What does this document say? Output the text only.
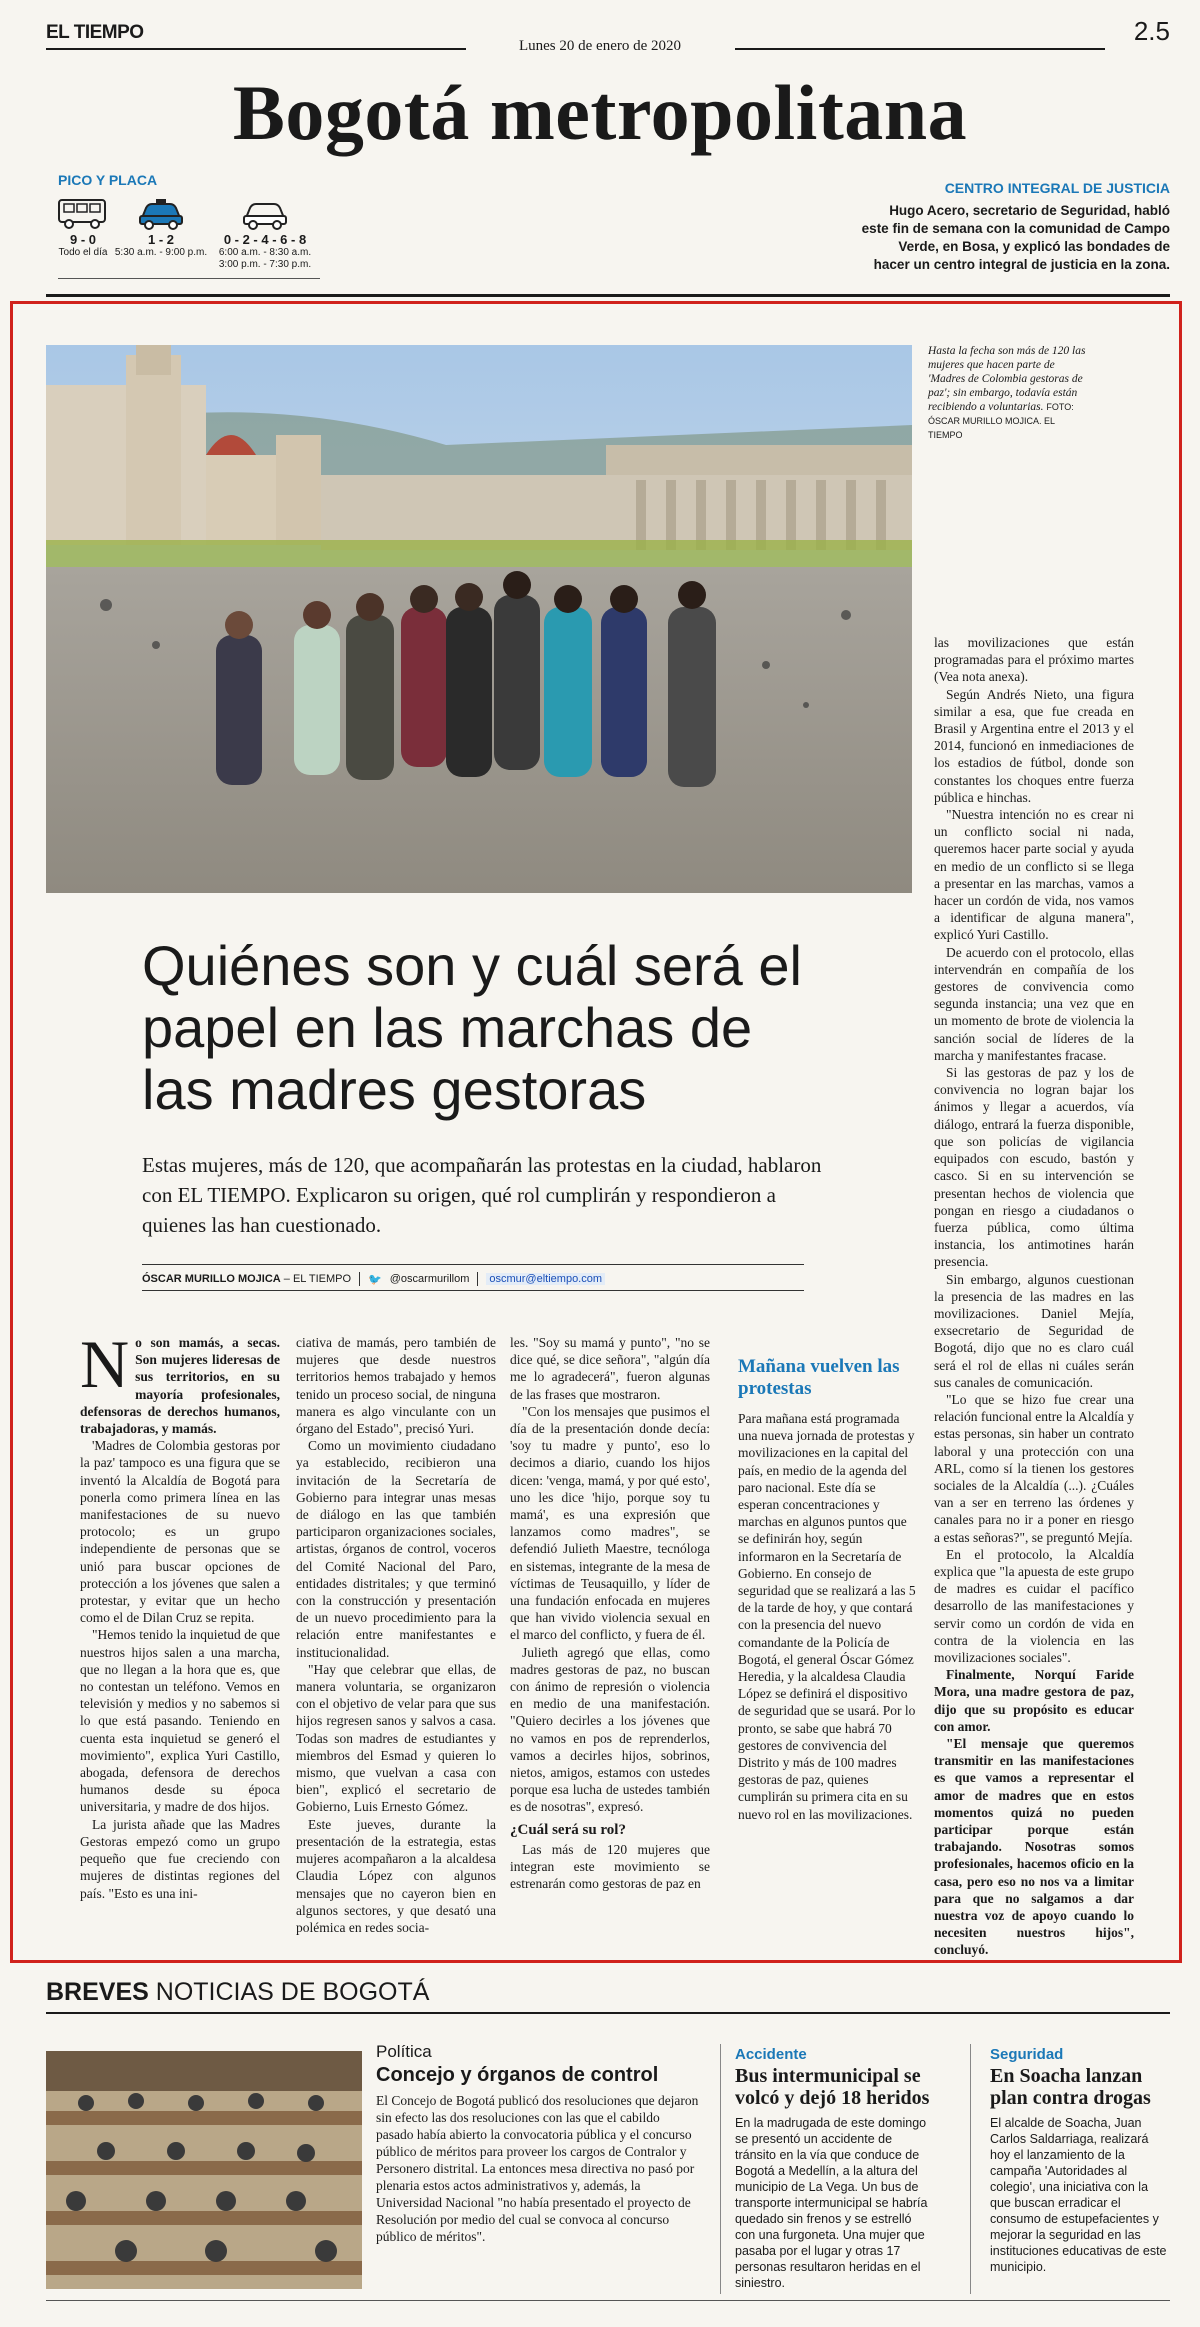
EL TIEMPO
Lunes 20 de enero de 2020	2.5
Bogotá metropolitana
PICO Y PLACA
9 - 0
Todo el día
1 - 2
5:30 a.m. - 9:00 p.m.
0 - 2 - 4 - 6 - 8
6:00 a.m. - 8:30 a.m.
3:00 p.m. - 7:30 p.m.
CENTRO INTEGRAL DE JUSTICIA
Hugo Acero, secretario de Seguridad, habló este fin de semana con la comunidad de Campo Verde, en Bosa, y explicó las bondades de hacer un centro integral de justicia en la zona.
Hasta la fecha son más de 120 las mujeres que hacen parte de 'Madres de Colombia gestoras de paz'; sin embargo, todavía están recibiendo a voluntarias. FOTO: ÓSCAR MURILLO MOJICA. EL TIEMPO
Quiénes son y cuál será el papel en las marchas de las madres gestoras
Estas mujeres, más de 120, que acompañarán las protestas en la ciudad, hablaron con EL TIEMPO. Explicaron su origen, qué rol cumplirán y respondieron a quienes las han cuestionado.
ÓSCAR MURILLO MOJICA – EL TIEMPO 🐦 @oscarmurillom oscmur@eltiempo.com

No son mamás, a secas. Son mujeres lideresas de sus territorios, en su mayoría profesionales, defensoras de derechos humanos, trabajadoras, y mamás.

'Madres de Colombia gestoras por la paz' tampoco es una figura que se inventó la Alcaldía de Bogotá para ponerla como primera línea en las manifestaciones de su nuevo protocolo; es un grupo independiente de personas que se unió para buscar opciones de protección a los jóvenes que salen a protestar, y evitar que un hecho como el de Dilan Cruz se repita.

"Hemos tenido la inquietud de que nuestros hijos salen a una marcha, que no llegan a la hora que es, que no contestan un teléfono. Vemos en televisión y medios y no sabemos si lo que está pasando. Teniendo en cuenta esta inquietud se generó el movimiento", explica Yuri Castillo, abogada, defensora de derechos humanos desde su época universitaria, y madre de dos hijos.

La jurista añade que las Madres Gestoras empezó como un grupo pequeño que fue creciendo con mujeres de distintas regiones del país. "Esto es una ini-

ciativa de mamás, pero también de mujeres que desde nuestros territorios hemos trabajado y hemos tenido un proceso social, de ninguna manera es algo vinculante con un órgano del Estado", precisó Yuri.

Como un movimiento ciudadano ya establecido, recibieron una invitación de la Secretaría de Gobierno para integrar unas mesas de diálogo en las que también participaron organizaciones sociales, artistas, órganos de control, voceros del Comité Nacional del Paro, entidades distritales; y que terminó con la construcción y presentación de un nuevo procedimiento para la relación entre manifestantes e institucionalidad.

"Hay que celebrar que ellas, de manera voluntaria, se organizaron con el objetivo de velar para que sus hijos regresen sanos y salvos a casa. Todas son madres de estudiantes y miembros del Esmad y quieren lo mismo, que vuelvan a casa con bien", explicó el secretario de Gobierno, Luis Ernesto Gómez.

Este jueves, durante la presentación de la estrategia, estas mujeres acompañaron a la alcaldesa Claudia López con algunos mensajes que no cayeron bien en algunos sectores, y que desató una polémica en redes socia-

les. "Soy su mamá y punto", "no se dice qué, se dice señora", "algún día me lo agradecerá", fueron algunas de las frases que mostraron.

"Con los mensajes que pusimos el día de la presentación donde decía: 'soy tu madre y punto', eso lo decimos a diario, cuando los hijos dicen: 'venga, mamá, y por qué esto', uno les dice 'hijo, porque soy tu mamá', es una expresión que lanzamos como madres", se defendió Julieth Maestre, tecnóloga en sistemas, integrante de la mesa de víctimas de Teusaquillo, y líder de una fundación enfocada en mujeres que han vivido violencia sexual en el marco del conflicto, y fuera de él.

Julieth agregó que ellas, como madres gestoras de paz, no buscan con ánimo de represión o violencia en medio de una manifestación. "Quiero decirles a los jóvenes que no vamos en pos de reprenderlos, vamos a decirles hijos, sobrinos, nietos, amigos, estamos con ustedes porque esa lucha de ustedes también es de nosotras", expresó.

¿Cuál será su rol?

Las más de 120 mujeres que integran este movimiento se estrenarán como gestoras de paz en

Mañana vuelven las protestas
Para mañana está programada una nueva jornada de protestas y movilizaciones en la capital del país, en medio de la agenda del paro nacional. Este día se esperan concentraciones y marchas en algunos puntos que se definirán hoy, según informaron en la Secretaría de Gobierno. En consejo de seguridad que se realizará a las 5 de la tarde de hoy, y que contará con la presencia del nuevo comandante de la Policía de Bogotá, el general Óscar Gómez Heredia, y la alcaldesa Claudia López se definirá el dispositivo de seguridad que se usará. Por lo pronto, se sabe que habrá 70 gestores de convivencia del Distrito y más de 100 madres gestoras de paz, quienes cumplirán su primera cita en su nuevo rol en las movilizaciones.

las movilizaciones que están programadas para el próximo martes (Vea nota anexa).

Según Andrés Nieto, una figura similar a esa, que fue creada en Brasil y Argentina entre el 2013 y el 2014, funcionó en inmediaciones de los estadios de fútbol, donde son constantes los choques entre fuerza pública e hinchas.

"Nuestra intención no es crear ni un conflicto social ni nada, queremos hacer parte social y ayuda en medio de un conflicto si se llega a presentar en las marchas, vamos a hacer un cordón de vida, nos vamos a identificar de alguna manera", explicó Yuri Castillo.

De acuerdo con el protocolo, ellas intervendrán en compañía de los gestores de convivencia como segunda instancia; una vez que en un momento de brote de violencia la sanción social de líderes de la marcha y manifestantes fracase.

Si las gestoras de paz y los de convivencia no logran bajar los ánimos y llegar a acuerdos, vía diálogo, entrará la fuerza disponible, que son policías de vigilancia equipados con escudo, bastón y casco. Si en su intervención se presentan hechos de violencia que pongan en riesgo a ciudadanos o fuerza pública, como última instancia, los antimotines harán presencia.

Sin embargo, algunos cuestionan la presencia de las madres en las movilizaciones. Daniel Mejía, exsecretario de Seguridad de Bogotá, dijo que no es claro cuál será el rol de ellas ni cuáles serán sus canales de comunicación.

"Lo que se hizo fue crear una relación funcional entre la Alcaldía y estas personas, sin haber un contrato laboral y una protección con una ARL, como sí la tienen los gestores sociales de la Alcaldía (...). ¿Cuáles van a ser en terreno las órdenes y canales para no ir a poner en riesgo a estas señoras?", se preguntó Mejía.

En el protocolo, la Alcaldía explica que "la apuesta de este grupo de madres es cuidar el pacífico desarrollo de las manifestaciones y servir como un cordón de vida en contra de la violencia en las movilizaciones sociales".

Finalmente, Norquí Faride Mora, una madre gestora de paz, dijo que su propósito es educar con amor.

"El mensaje que queremos transmitir en las manifestaciones es que vamos a representar el amor de madres que en estos momentos quizá no pueden participar porque están trabajando. Nosotras somos profesionales, hacemos oficio en la casa, pero eso no nos va a limitar para que no salgamos a dar nuestra voz de apoyo cuando lo necesiten nuestros hijos", concluyó.

BREVES NOTICIAS DE BOGOTÁ
Política
Concejo y órganos de control
El Concejo de Bogotá publicó dos resoluciones que dejaron sin efecto las dos resoluciones con las que el cabildo pasado había abierto la convocatoria pública y el concurso público de méritos para proveer los cargos de Contralor y Personero distrital. La entonces mesa directiva no pasó por plenaria estos actos administrativos y, además, la Universidad Nacional "no había presentado el proyecto de Resolución por medio del cual se convoca al concurso público de méritos".
Accidente
Bus intermunicipal se volcó y dejó 18 heridos
En la madrugada de este domingo se presentó un accidente de tránsito en la vía que conduce de Bogotá a Medellín, a la altura del municipio de La Vega. Un bus de transporte intermunicipal se habría quedado sin frenos y se estrelló con una furgoneta. Una mujer que pasaba por el lugar y otras 17 personas resultaron heridas en el siniestro.
Seguridad
En Soacha lanzan plan contra drogas
El alcalde de Soacha, Juan Carlos Saldarriaga, realizará hoy el lanzamiento de la campaña 'Autoridades al colegio', una iniciativa con la que buscan erradicar el consumo de estupefacientes y mejorar la seguridad en las instituciones educativas de este municipio.
